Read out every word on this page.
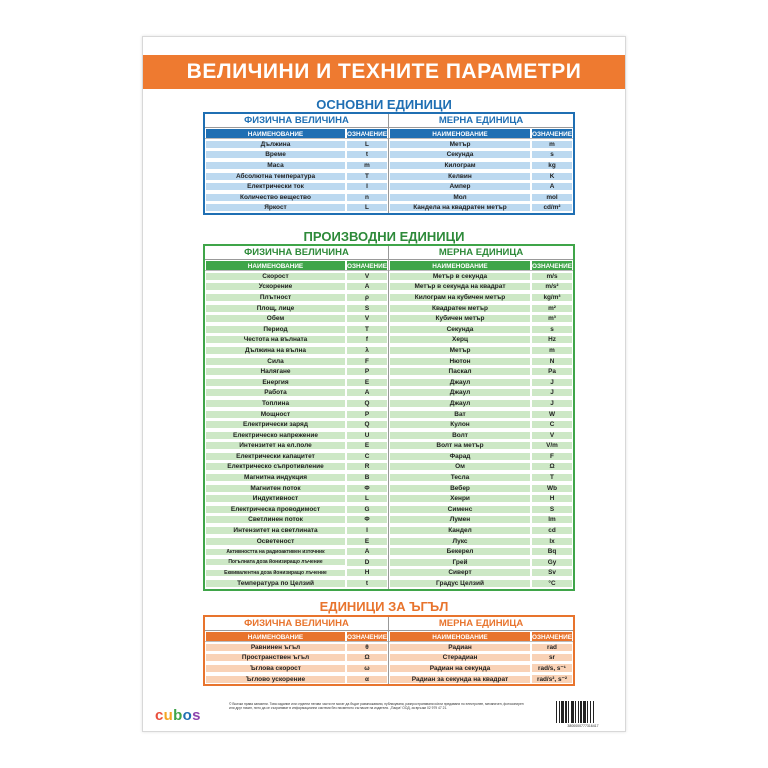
ВЕЛИЧИНИ И ТЕХНИТЕ ПАРАМЕТРИ
ОСНОВНИ ЕДИНИЦИ
ФИЗИЧНА ВЕЛИЧИНА
НАИМЕНОВАНИЕ	ОЗНАЧЕНИЕ
Дължина	L
Време	t
Маса	m
Абсолютна температура	T
Електрически ток	I
Количество вещество	n
Яркост	L
МЕРНА ЕДИНИЦА
НАИМЕНОВАНИЕ	ОЗНАЧЕНИЕ
Метър	m
Секунда	s
Килограм	kg
Келвин	K
Ампер	A
Мол	mol
Кандела на квадратен метър	cd/m²
ПРОИЗВОДНИ ЕДИНИЦИ
ФИЗИЧНА ВЕЛИЧИНА
НАИМЕНОВАНИЕ	ОЗНАЧЕНИЕ
Скорост	V
Ускорение	A
Плътност	ρ
Площ, лице	S
Обем	V
Период	T
Честота на вълната	f
Дължина на вълна	λ
Сила	F
Налягане	P
Енергия	E
Работа	A
Топлина	Q
Мощност	P
Електрически заряд	Q
Електрическо напрежение	U
Интензитет на ел.поле	E
Електрически капацитет	C
Електрическо съпротивление	R
Магнитна индукция	B
Магнитен поток	Φ
Индуктивност	L
Електрическа проводимост	G
Светлинен поток	Φ
Интензитет на светлината	I
Осветеност	E
Активността на радиоактивен източник	A
Погълната доза йонизиращо лъчение	D
Еквивалентна доза йонизиращо лъчение	H
Температура по Целзий	t
МЕРНА ЕДИНИЦА
НАИМЕНОВАНИЕ	ОЗНАЧЕНИЕ
Метър в секунда	m/s
Метър в секунда на квадрат	m/s²
Килограм на кубичен метър	kg/m³
Квадратен метър	m²
Кубичен метър	m³
Секунда	s
Херц	Hz
Метър	m
Нютон	N
Паскал	Pa
Джаул	J
Джаул	J
Джаул	J
Ват	W
Кулон	C
Волт	V
Волт на метър	V/m
Фарад	F
Ом	Ω
Тесла	T
Вебер	Wb
Хенри	H
Сименс	S
Лумен	lm
Кандел	cd
Лукс	lx
Бекерел	Bq
Грей	Gy
Сиверт	Sv
Градус Целзий	°C
ЕДИНИЦИ ЗА ЪГЪЛ
ФИЗИЧНА ВЕЛИЧИНА
НАИМЕНОВАНИЕ	ОЗНАЧЕНИЕ
Равнинен ъгъл	θ
Пространствен ъгъл	Ω
Ъглова скорост	ω
Ъглово ускорение	α
МЕРНА ЕДИНИЦА
НАИМЕНОВАНИЕ	ОЗНАЧЕНИЕ
Радиан	rad
Стерадиан	sr
Радиан на секунда	rad/s, s⁻¹
Радиан за секунда на квадрат	rad/s², s⁻²
cubos
© Всички права запазени. Това издание или отделни негови части не могат да бъдат размножавани, публикувани, разпространявани и/или предавани по електронен, механичен, фотокопирен или друг начин, нито да се съхраняват в информационни системи без писменото съгласие на издателя. „Пакра“ ООД, за връзки 02 979 47 21.
3800000777316417
